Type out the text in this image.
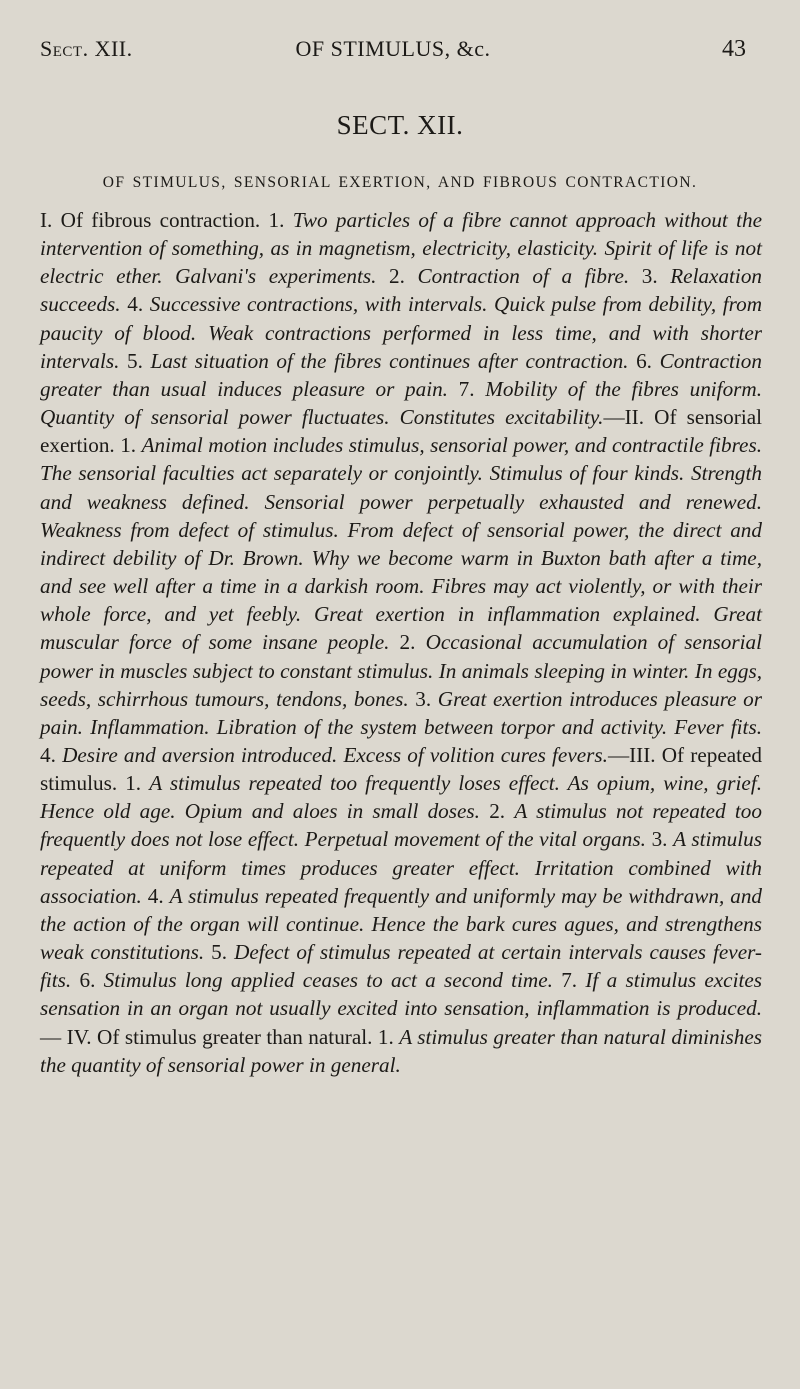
Sect. XII.	OF STIMULUS, &c.	43
SECT. XII.
OF STIMULUS, SENSORIAL EXERTION, AND FIBROUS CONTRACTION.

I. Of fibrous contraction. 1. Two particles of a fibre cannot approach without the intervention of something, as in magnetism, electricity, elasticity. Spirit of life is not electric ether. Galvani's experiments. 2. Contraction of a fibre. 3. Relaxation succeeds. 4. Successive contractions, with intervals. Quick pulse from debility, from paucity of blood. Weak contractions performed in less time, and with shorter intervals. 5. Last situation of the fibres continues after contraction. 6. Contraction greater than usual induces pleasure or pain. 7. Mobility of the fibres uniform. Quantity of sensorial power fluctuates. Constitutes excitability.—II. Of sensorial exertion. 1. Animal motion includes stimulus, sensorial power, and contractile fibres. The sensorial faculties act separately or conjointly. Stimulus of four kinds. Strength and weakness defined. Sensorial power perpetually exhausted and renewed. Weakness from defect of stimulus. From defect of sensorial power, the direct and indirect debility of Dr. Brown. Why we become warm in Buxton bath after a time, and see well after a time in a darkish room. Fibres may act violently, or with their whole force, and yet feebly. Great exertion in inflammation explained. Great muscular force of some insane people. 2. Occasional accumulation of sensorial power in muscles subject to constant stimulus. In animals sleeping in winter. In eggs, seeds, schirrhous tumours, tendons, bones. 3. Great exertion introduces pleasure or pain. Inflammation. Libration of the system between torpor and activity. Fever fits. 4. Desire and aversion introduced. Excess of volition cures fevers.—III. Of repeated stimulus. 1. A stimulus repeated too frequently loses effect. As opium, wine, grief. Hence old age. Opium and aloes in small doses. 2. A stimulus not repeated too frequently does not lose effect. Perpetual movement of the vital organs. 3. A stimulus repeated at uniform times produces greater effect. Irritation combined with association. 4. A stimulus repeated frequently and uniformly may be withdrawn, and the action of the organ will continue. Hence the bark cures agues, and strengthens weak constitutions. 5. Defect of stimulus repeated at certain intervals causes fever-fits. 6. Stimulus long applied ceases to act a second time. 7. If a stimulus excites sensation in an organ not usually excited into sensation, inflammation is produced.— IV. Of stimulus greater than natural. 1. A stimulus greater than natural diminishes the quantity of sensorial power in general.
